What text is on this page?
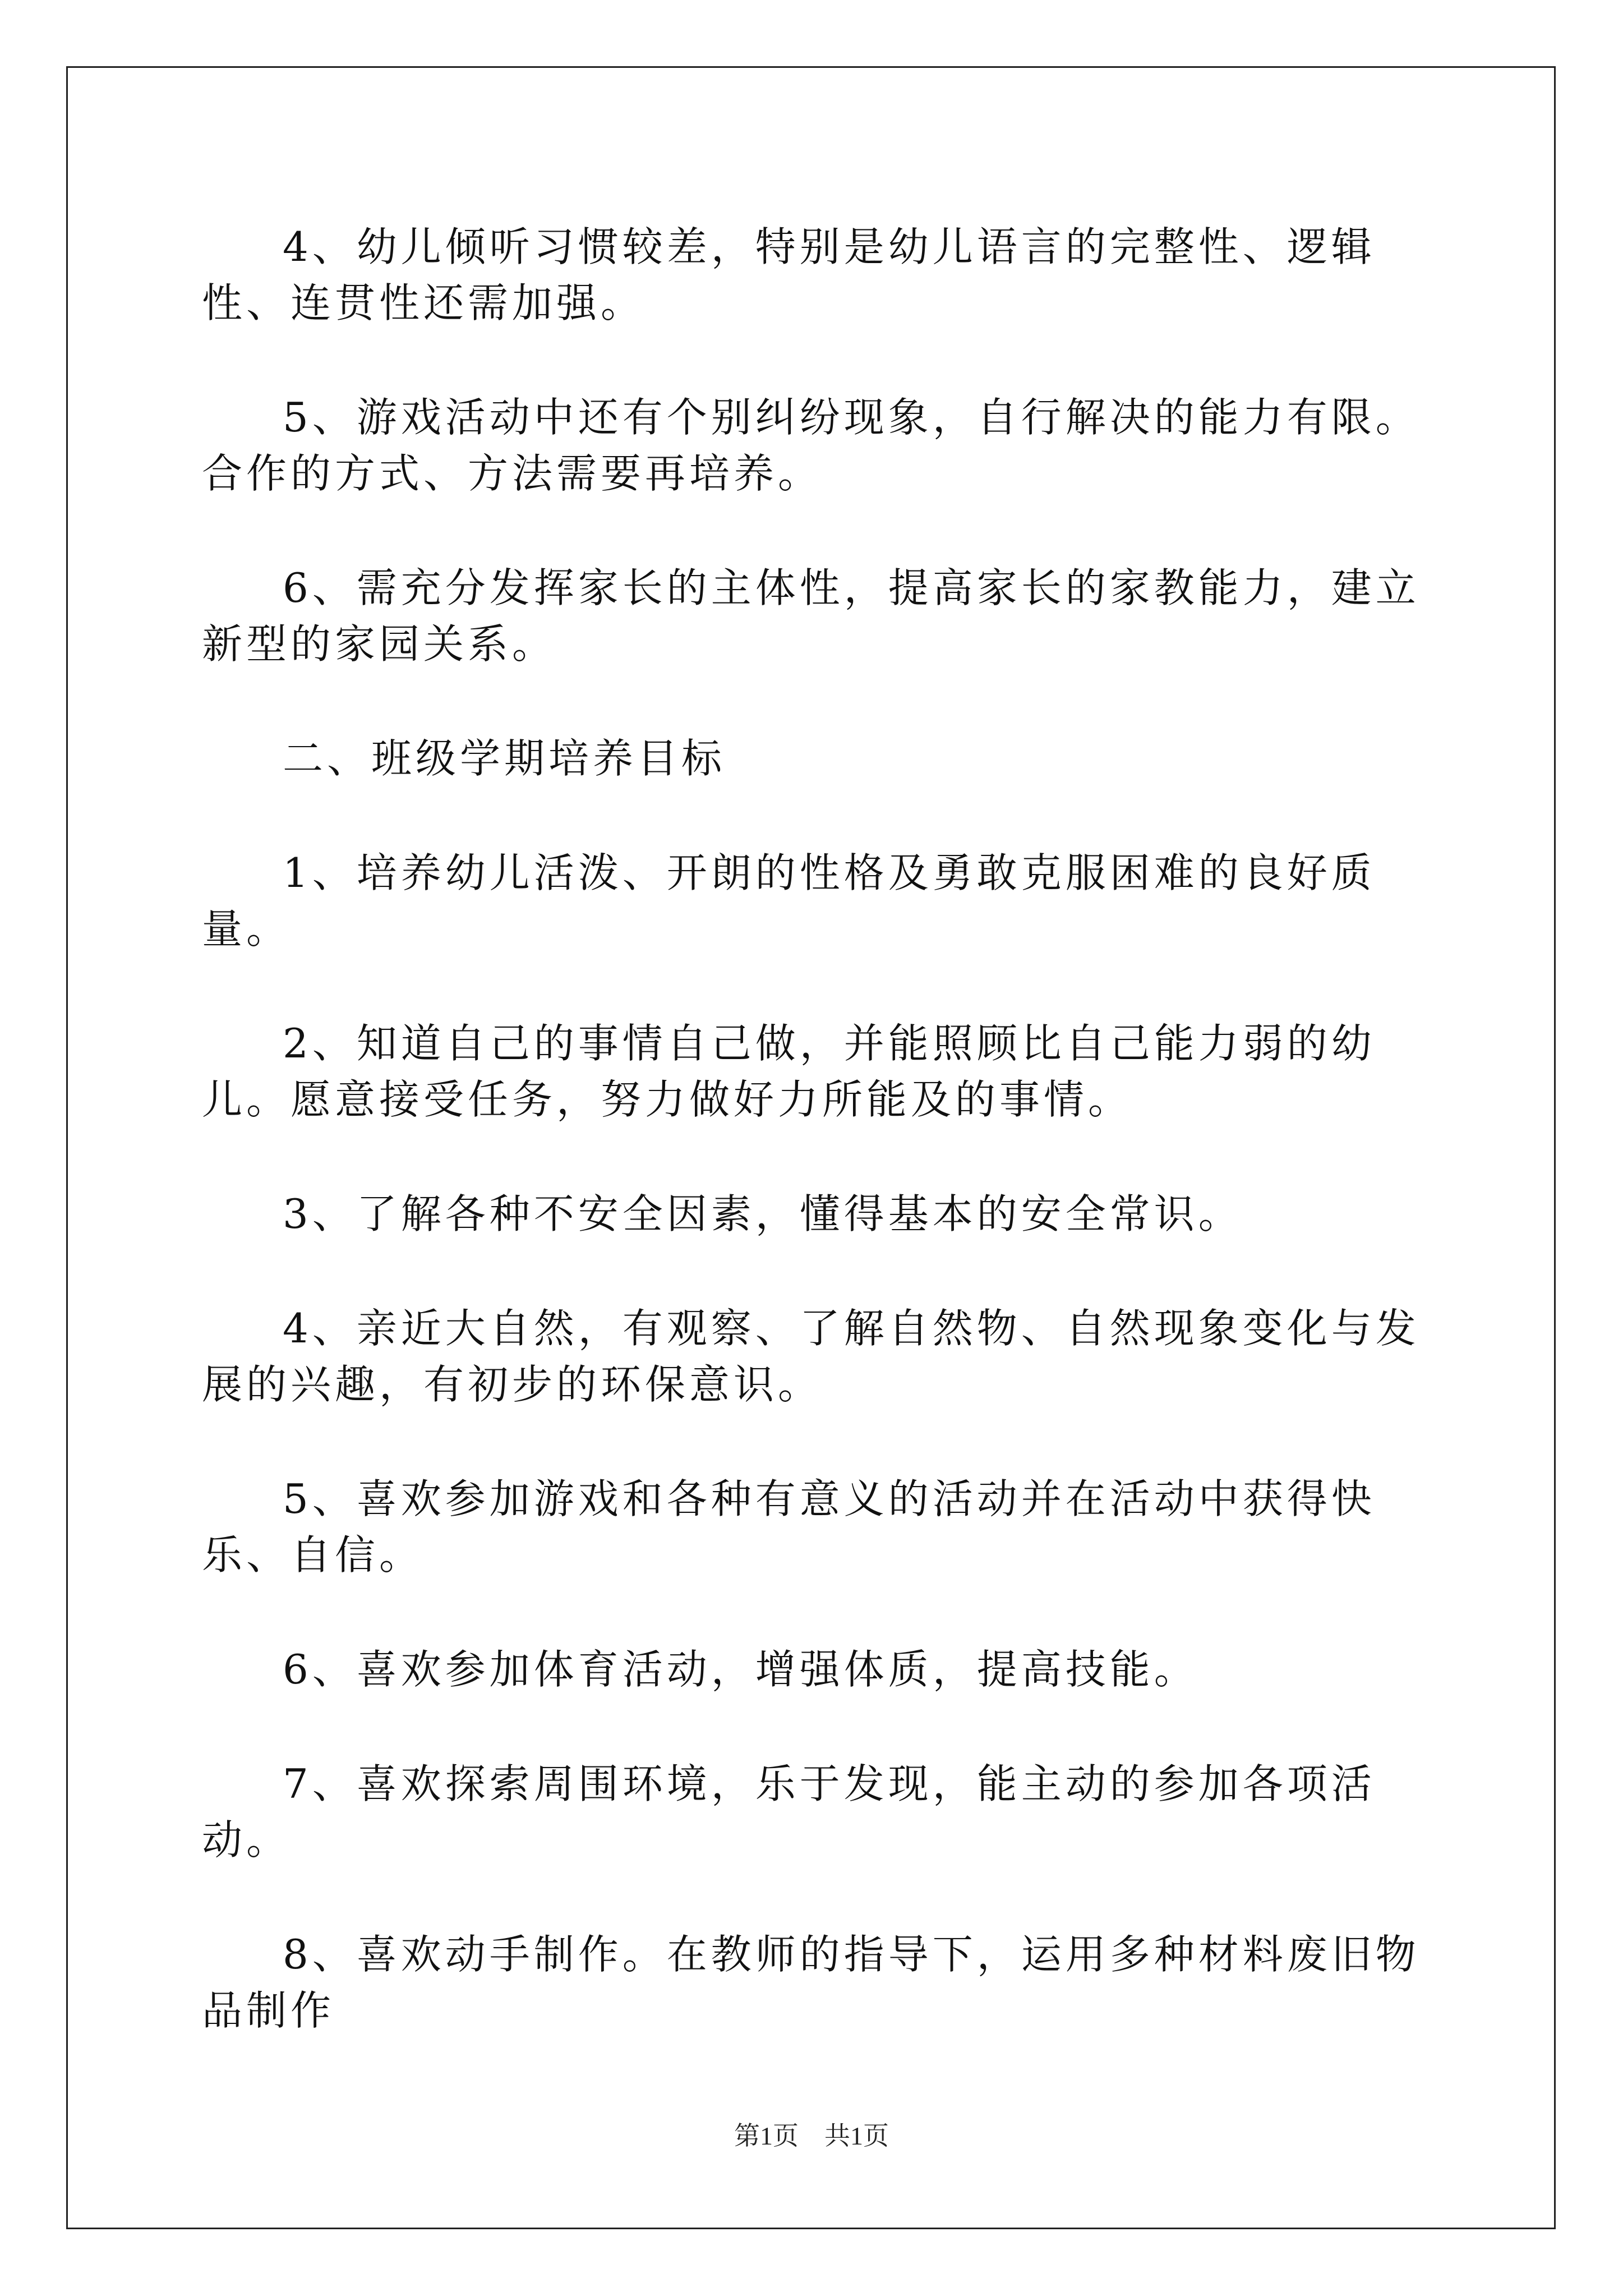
4、幼儿倾听习惯较差，特别是幼儿语言的完整性、逻辑性、连贯性还需加强。

5、游戏活动中还有个别纠纷现象，自行解决的能力有限。合作的方式、方法需要再培养。

6、需充分发挥家长的主体性，提高家长的家教能力，建立新型的家园关系。

二、班级学期培养目标

1、培养幼儿活泼、开朗的性格及勇敢克服困难的良好质量。

2、知道自己的事情自己做，并能照顾比自己能力弱的幼儿。愿意接受任务，努力做好力所能及的事情。

3、了解各种不安全因素，懂得基本的安全常识。

4、亲近大自然，有观察、了解自然物、自然现象变化与发展的兴趣，有初步的环保意识。

5、喜欢参加游戏和各种有意义的活动并在活动中获得快乐、自信。

6、喜欢参加体育活动，增强体质，提高技能。

7、喜欢探索周围环境，乐于发现，能主动的参加各项活动。

8、喜欢动手制作。在教师的指导下，运用多种材料废旧物品制作

第1页　共1页
